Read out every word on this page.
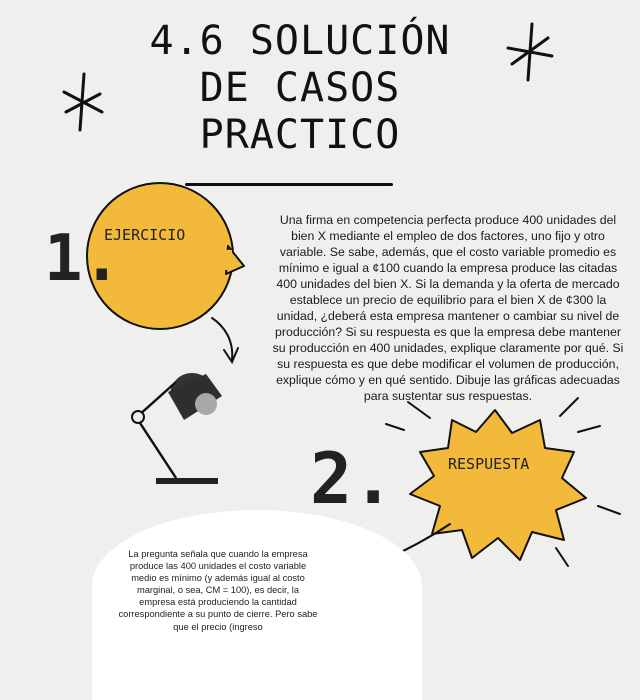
4.6 SOLUCIÓN
DE CASOS
PRACTICO
1.
EJERCICIO
2.	RESPUESTA
Una firma en competencia perfecta produce 400 unidades del bien X mediante el empleo de dos factores, uno fijo y otro variable. Se sabe, además, que el costo variable promedio es mínimo e igual a ¢100 cuando la empresa produce las citadas 400 unidades del bien X. Si la demanda y la oferta de mercado establece un precio de equilibrio para el bien X de ¢300 la unidad, ¿deberá esta empresa mantener o cambiar su nivel de producción? Si su respuesta es que la empresa debe mantener su producción en 400 unidades, explique claramente por qué. Si su respuesta es que debe modificar el volumen de producción, explique cómo y en qué sentido. Dibuje las gráficas adecuadas para sustentar sus respuestas.
La pregunta señala que cuando la empresa produce las 400 unidades el costo variable medio es mínimo (y además igual al costo marginal, o sea, CM = 100), es decir, la empresa está produciendo la cantidad correspondiente a su punto de cierre. Pero sabe que el precio (ingreso
